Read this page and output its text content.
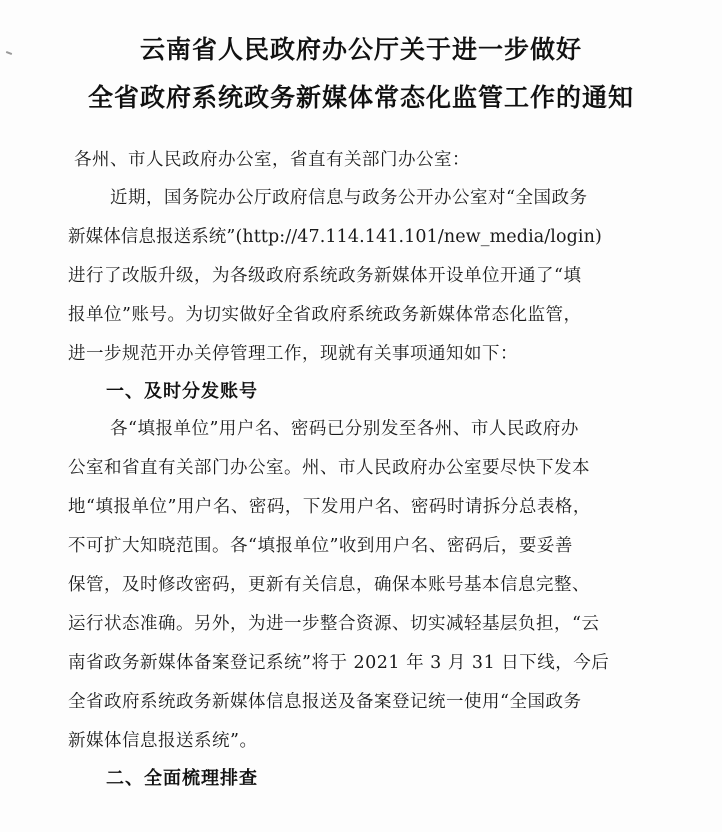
云南省人民政府办公厅关于进一步做好
全省政府系统政务新媒体常态化监管工作的通知
各州、市人民政府办公室，省直有关部门办公室：
近期，国务院办公厅政府信息与政务公开办公室对“全国政务
新媒体信息报送系统”(http://47.114.141.101/new_media/login)
进行了改版升级，为各级政府系统政务新媒体开设单位开通了“填
报单位”账号。为切实做好全省政府系统政务新媒体常态化监管，
进一步规范开办关停管理工作，现就有关事项通知如下：
一、及时分发账号
各“填报单位”用户名、密码已分别发至各州、市人民政府办
公室和省直有关部门办公室。州、市人民政府办公室要尽快下发本
地“填报单位”用户名、密码，下发用户名、密码时请拆分总表格，
不可扩大知晓范围。各“填报单位”收到用户名、密码后，要妥善
保管，及时修改密码，更新有关信息，确保本账号基本信息完整、
运行状态准确。另外，为进一步整合资源、切实减轻基层负担，“云
南省政务新媒体备案登记系统”将于 2021 年 3 月 31 日下线，今后
全省政府系统政务新媒体信息报送及备案登记统一使用“全国政务
新媒体信息报送系统”。
二、全面梳理排查
